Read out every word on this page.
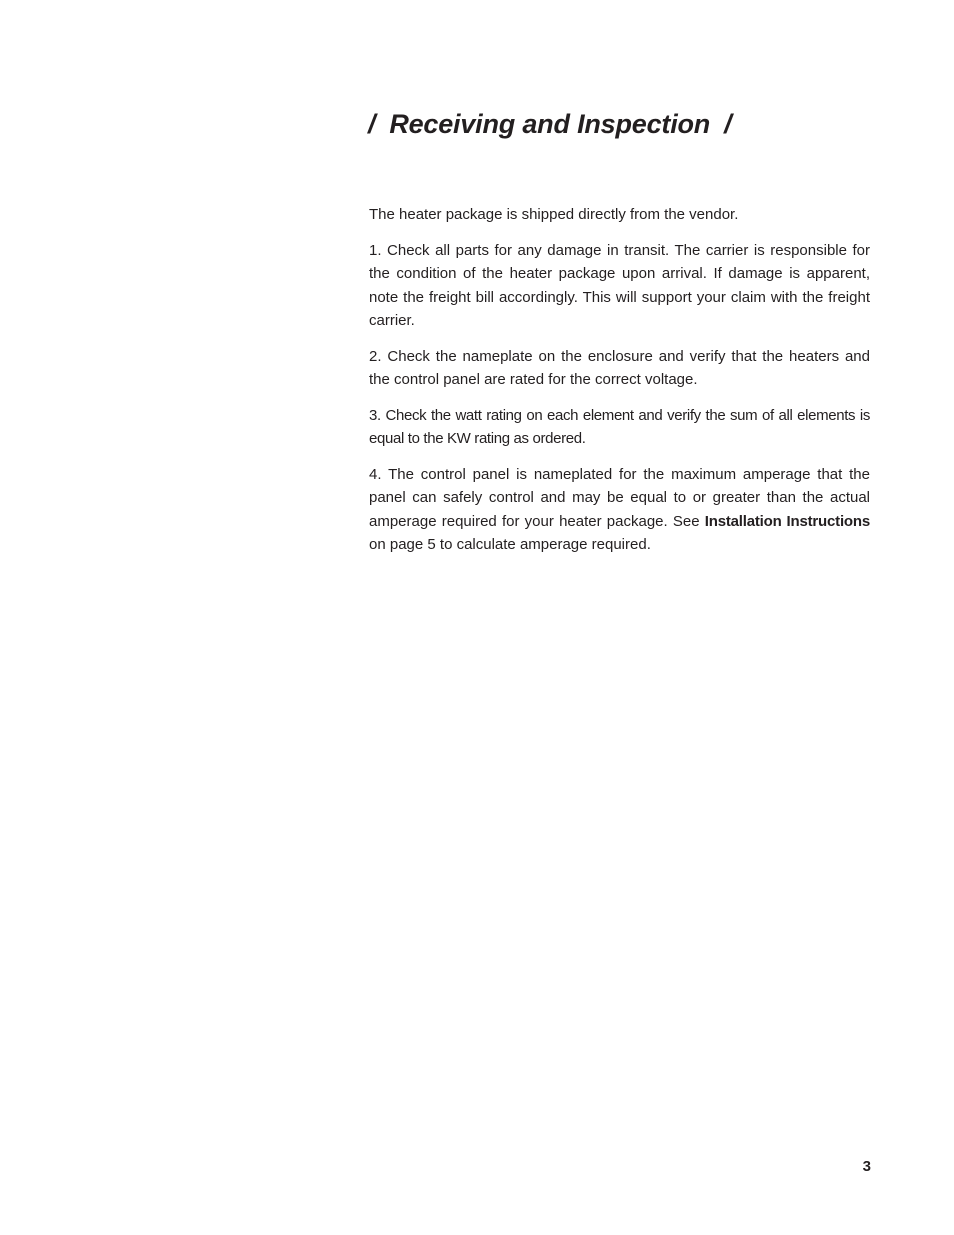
/ Receiving and Inspection /

The heater package is shipped directly from the vendor.

1. Check all parts for any damage in transit. The carrier is responsible for the condition of the heater package upon arrival. If damage is apparent, note the freight bill accordingly. This will support your claim with the freight carrier.

2. Check the nameplate on the enclosure and verify that the heaters and the control panel are rated for the correct voltage.

3. Check the watt rating on each element and verify the sum of all elements is equal to the KW rating as ordered.

4. The control panel is nameplated for the maximum amperage that the panel can safely control and may be equal to or greater than the actual amperage required for your heater package. See Installation Instructions on page 5 to calculate amperage required.

3
